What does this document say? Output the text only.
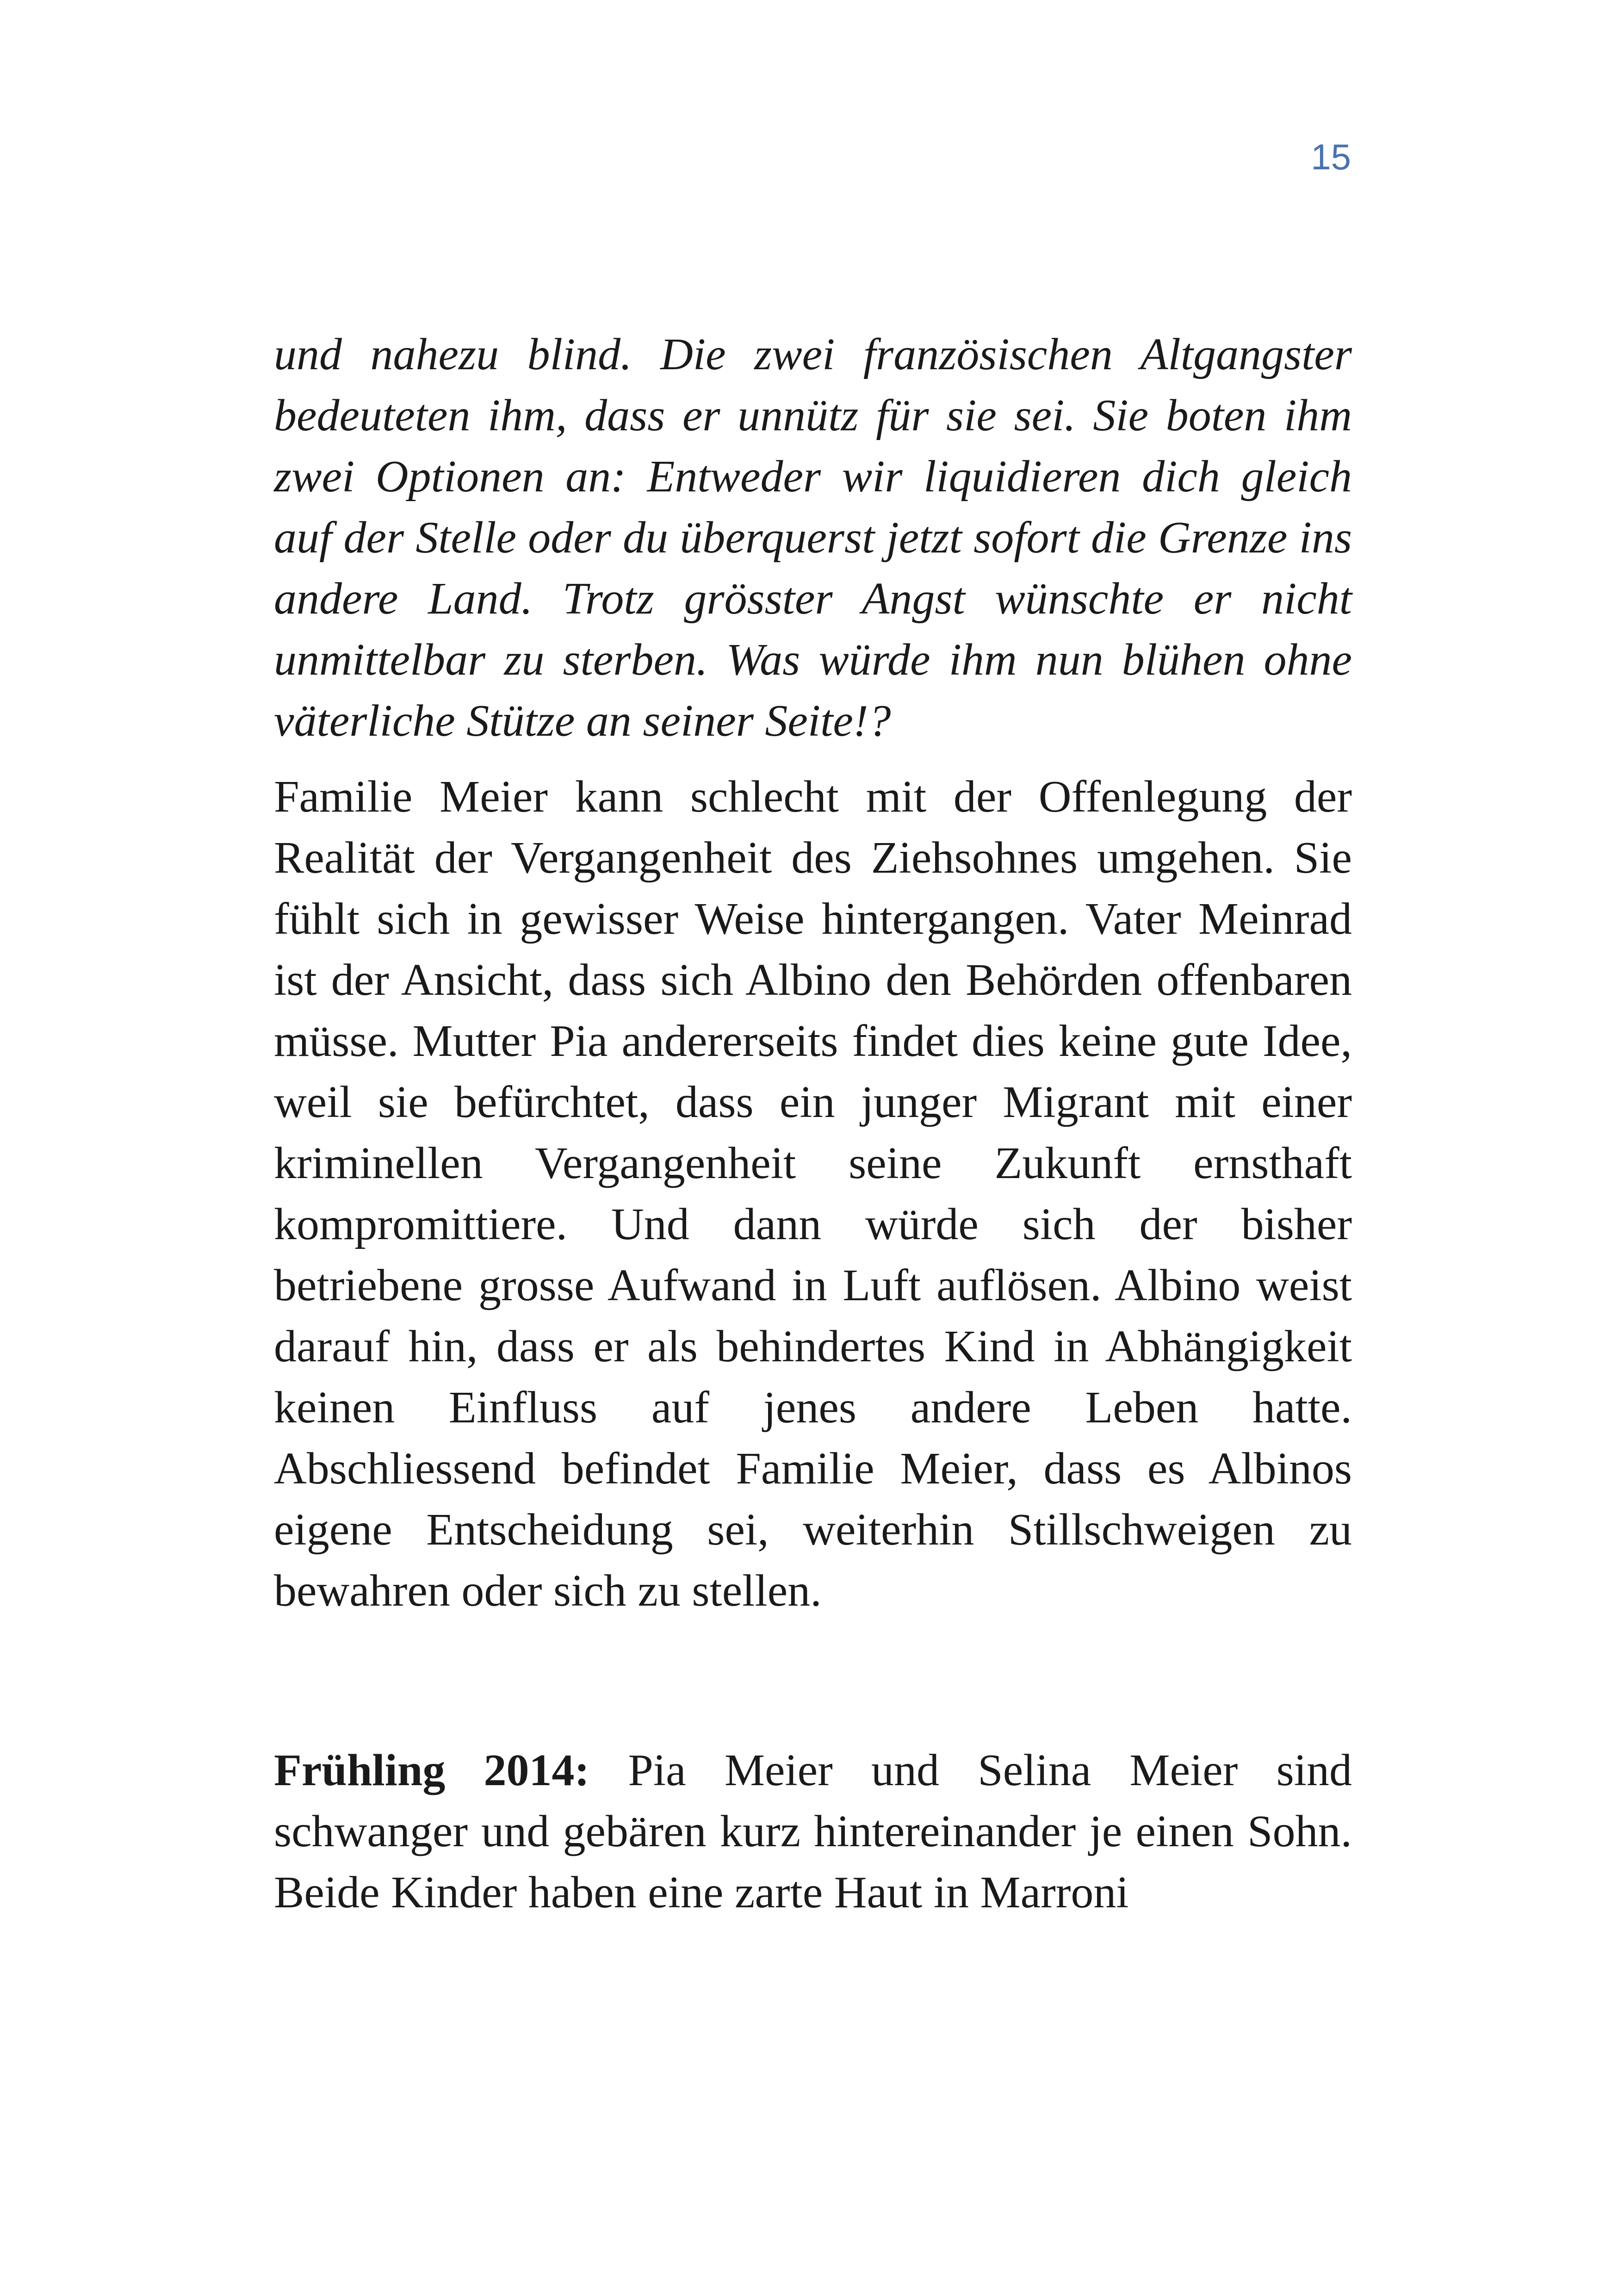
15

und nahezu blind. Die zwei französischen Altgangster bedeuteten ihm, dass er unnütz für sie sei. Sie boten ihm zwei Optionen an: Entweder wir liquidieren dich gleich auf der Stelle oder du überquerst jetzt sofort die Grenze ins andere Land. Trotz grösster Angst wünschte er nicht unmittelbar zu sterben. Was würde ihm nun blühen ohne väterliche Stütze an seiner Seite!?

Familie Meier kann schlecht mit der Offenlegung der Realität der Vergangenheit des Ziehsohnes umgehen. Sie fühlt sich in gewisser Weise hintergangen. Vater Meinrad ist der Ansicht, dass sich Albino den Behörden offenbaren müsse. Mutter Pia andererseits findet dies keine gute Idee, weil sie befürchtet, dass ein junger Migrant mit einer kriminellen Vergangenheit seine Zukunft ernsthaft kompromittiere. Und dann würde sich der bisher betriebene grosse Aufwand in Luft auflösen. Albino weist darauf hin, dass er als behindertes Kind in Abhängigkeit keinen Einfluss auf jenes andere Leben hatte. Abschliessend befindet Familie Meier, dass es Albinos eigene Entscheidung sei, weiterhin Stillschweigen zu bewahren oder sich zu stellen.

Frühling 2014: Pia Meier und Selina Meier sind schwanger und gebären kurz hintereinander je einen Sohn. Beide Kinder haben eine zarte Haut in Marroni
